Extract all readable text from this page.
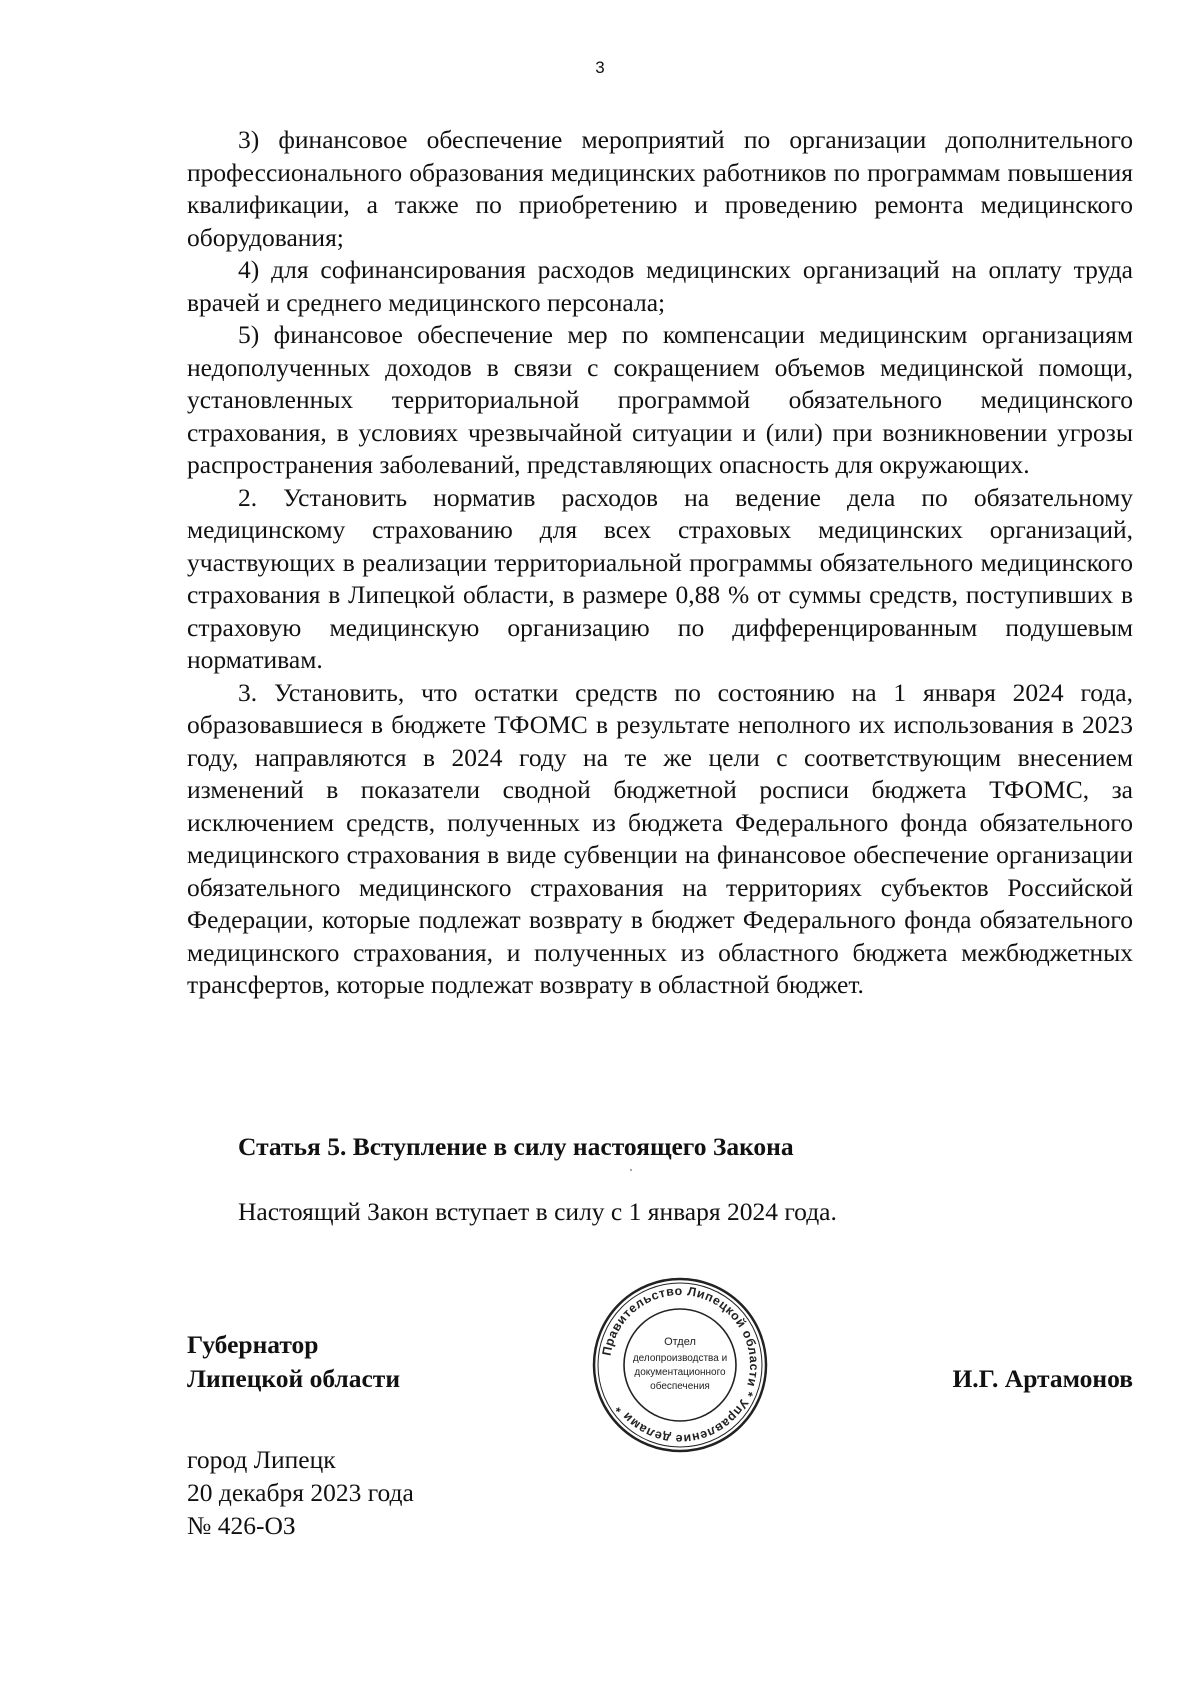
3

3) финансовое обеспечение мероприятий по организации дополнительного профессионального образования медицинских работников по программам повышения квалификации, а также по приобретению и проведению ремонта медицинского оборудования;

4) для софинансирования расходов медицинских организаций на оплату труда врачей и среднего медицинского персонала;

5) финансовое обеспечение мер по компенсации медицинским организациям недополученных доходов в связи с сокращением объемов медицинской помощи, установленных территориальной программой обязательного медицинского страхования, в условиях чрезвычайной ситуации и (или) при возникновении угрозы распространения заболеваний, представляющих опасность для окружающих.

2. Установить норматив расходов на ведение дела по обязательному медицинскому страхованию для всех страховых медицинских организаций, участвующих в реализации территориальной программы обязательного медицинского страхования в Липецкой области, в размере 0,88 % от суммы средств, поступивших в страховую медицинскую организацию по дифференцированным подушевым нормативам.

3. Установить, что остатки средств по состоянию на 1 января 2024 года, образовавшиеся в бюджете ТФОМС в результате неполного их использования в 2023 году, направляются в 2024 году на те же цели с соответствующим внесением изменений в показатели сводной бюджетной росписи бюджета ТФОМС, за исключением средств, полученных из бюджета Федерального фонда обязательного медицинского страхования в виде субвенции на финансовое обеспечение организации обязательного медицинского страхования на территориях субъектов Российской Федерации, которые подлежат возврату в бюджет Федерального фонда обязательного медицинского страхования, и полученных из областного бюджета межбюджетных трансфертов, которые подлежат возврату в областной бюджет.

Статья 5. Вступление в силу настоящего Закона
Настоящий Закон вступает в силу с 1 января 2024 года.
Губернатор
Липецкой области
Правительство Липецкой области * Управление делами *
Отдел
делопроизводства и
документационного
обеспечения	И.Г. Артамонов
город Липецк
20 декабря 2023 года
№ 426-ОЗ
